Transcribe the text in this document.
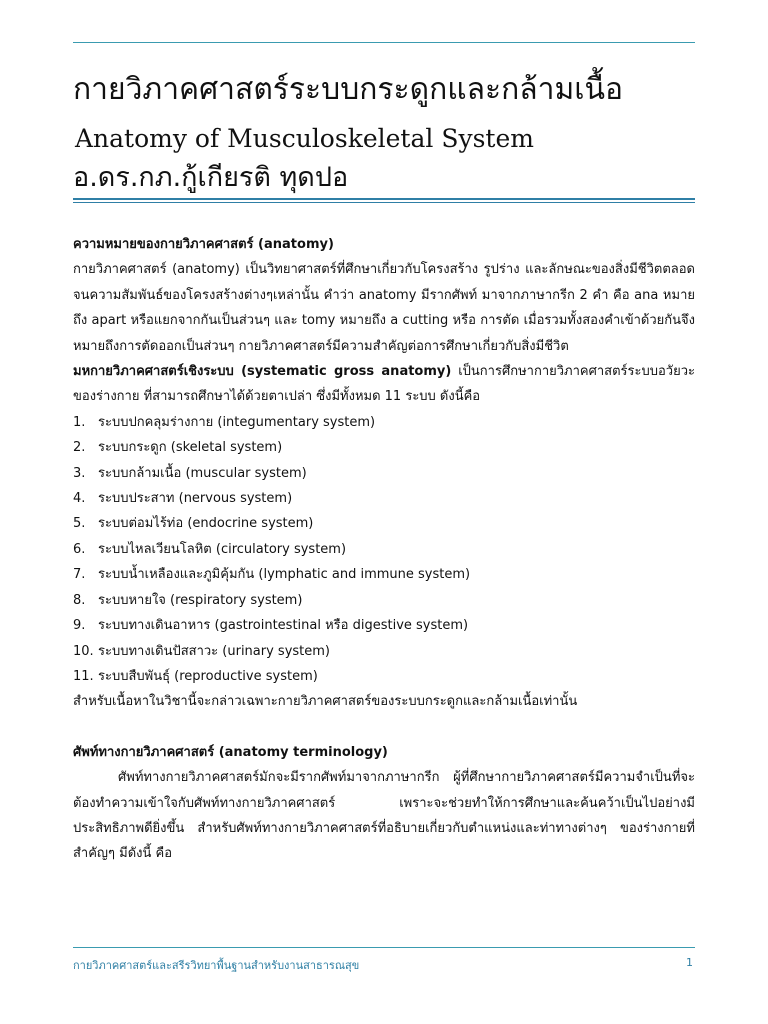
กายวิภาคศาสตร์ระบบกระดูกและกล้ามเนื้อ
Anatomy of Musculoskeletal System
อ.ดร.กภ.กู้เกียรติ ทุดปอ

ความหมายของกายวิภาคศาสตร์ (anatomy)

กายวิภาคศาสตร์ (anatomy) เป็นวิทยาศาสตร์ที่ศึกษาเกี่ยวกับโครงสร้าง รูปร่าง และลักษณะของสิ่งมีชีวิตตลอดจนความสัมพันธ์ของโครงสร้างต่างๆเหล่านั้น คำว่า anatomy มีรากศัพท์ มาจากภาษากรีก 2 คำ คือ ana หมายถึง apart หรือแยกจากกันเป็นส่วนๆ และ tomy หมายถึง a cutting หรือ การตัด เมื่อรวมทั้งสองคำเข้าด้วยกันจึงหมายถึงการตัดออกเป็นส่วนๆ กายวิภาคศาสตร์มีความสำคัญต่อการศึกษาเกี่ยวกับสิ่งมีชีวิต

มหกายวิภาคศาสตร์เชิงระบบ (systematic gross anatomy) เป็นการศึกษากายวิภาคศาสตร์ระบบอวัยวะของร่างกาย ที่สามารถศึกษาได้ด้วยตาเปล่า ซึ่งมีทั้งหมด 11 ระบบ ดังนี้คือ

1. ระบบปกคลุมร่างกาย (integumentary system)
2. ระบบกระดูก (skeletal system)
3. ระบบกล้ามเนื้อ (muscular system)
4. ระบบประสาท (nervous system)
5. ระบบต่อมไร้ท่อ (endocrine system)
6. ระบบไหลเวียนโลหิต (circulatory system)
7. ระบบน้ำเหลืองและภูมิคุ้มกัน (lymphatic and immune system)
8. ระบบหายใจ (respiratory system)
9. ระบบทางเดินอาหาร (gastrointestinal หรือ digestive system)
10. ระบบทางเดินปัสสาวะ (urinary system)
11. ระบบสืบพันธุ์ (reproductive system)

สำหรับเนื้อหาในวิชานี้จะกล่าวเฉพาะกายวิภาคศาสตร์ของระบบกระดูกและกล้ามเนื้อเท่านั้น

ศัพท์ทางกายวิภาคศาสตร์ (anatomy terminology)

ศัพท์ทางกายวิภาคศาสตร์มักจะมีรากศัพท์มาจากภาษากรีก ผู้ที่ศึกษากายวิภาคศาสตร์มีความจำเป็นที่จะต้องทำความเข้าใจกับศัพท์ทางกายวิภาคศาสตร์ เพราะจะช่วยทำให้การศึกษาและค้นคว้าเป็นไปอย่างมีประสิทธิภาพดียิ่งขึ้น สำหรับศัพท์ทางกายวิภาคศาสตร์ที่อธิบายเกี่ยวกับตำแหน่งและท่าทางต่างๆ ของร่างกายที่สำคัญๆ มีดังนี้ คือ

กายวิภาคศาสตร์และสรีรวิทยาพื้นฐานสำหรับงานสาธารณสุข	1
